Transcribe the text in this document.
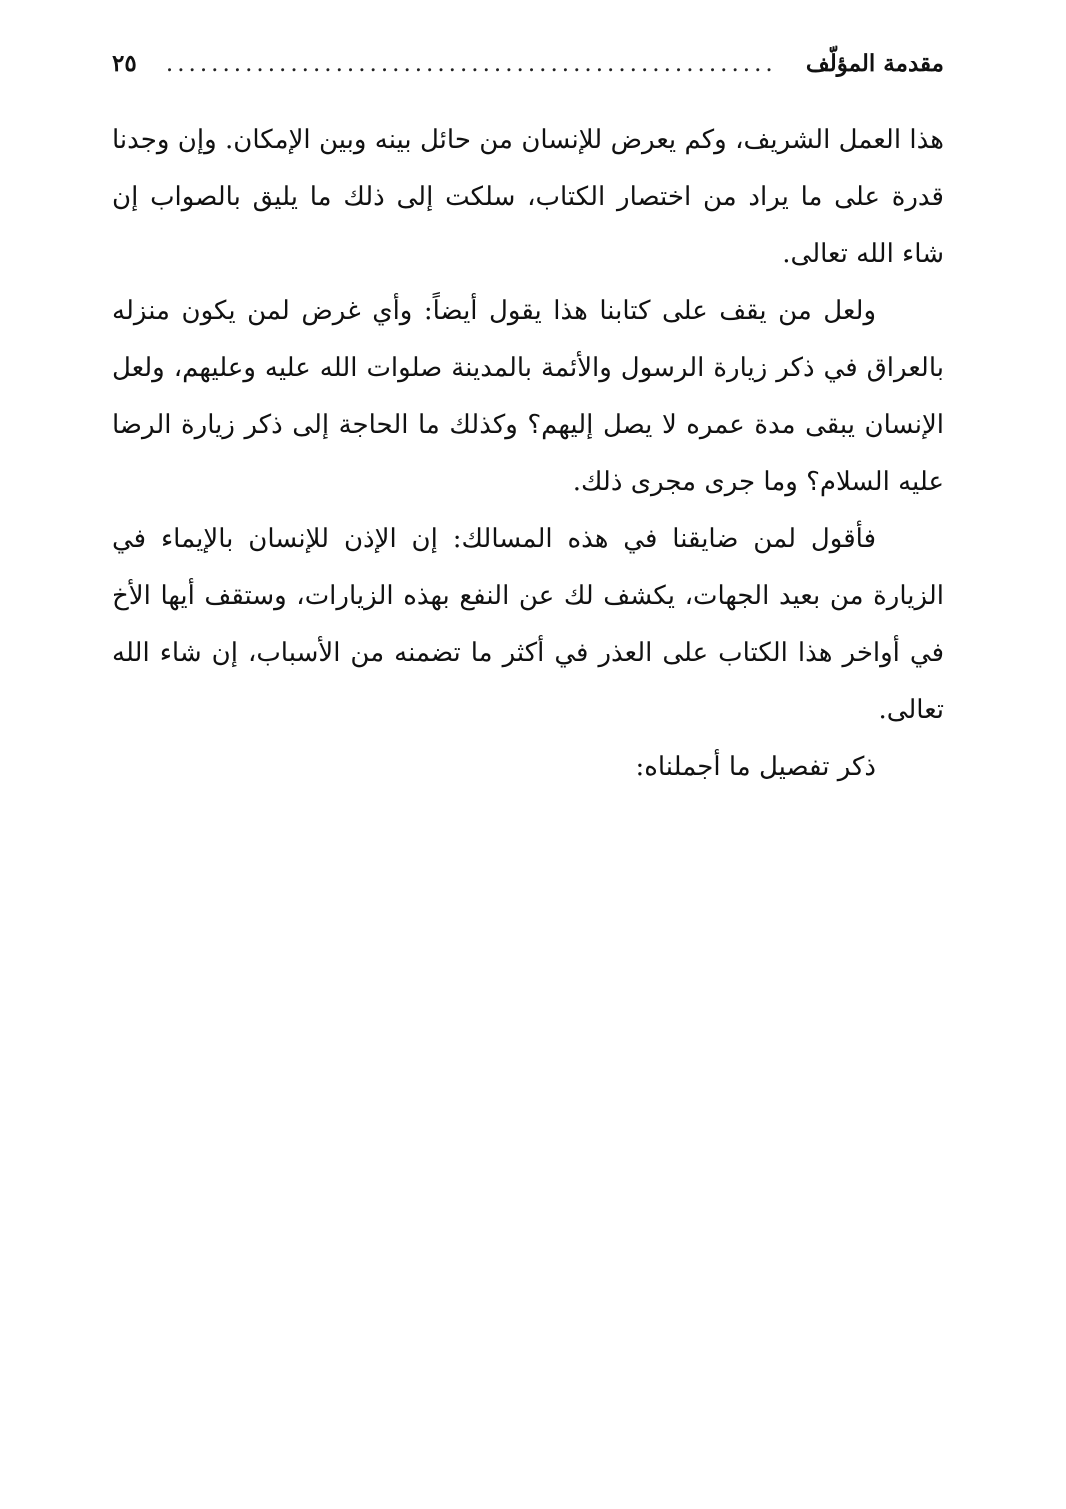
مقدمة المؤلّف
......................................................
٢٥

هذا العمل الشريف، وكم يعرض للإنسان من حائل بينه وبين الإمكان. وإن وجدنا قدرة على ما يراد من اختصار الكتاب، سلكت إلى ذلك ما يليق بالصواب إن شاء الله تعالى.

ولعل من يقف على كتابنا هذا يقول أيضاً: وأي غرض لمن يكون منزله بالعراق في ذكر زيارة الرسول والأئمة بالمدينة صلوات الله عليه وعليهم، ولعل الإنسان يبقى مدة عمره لا يصل إليهم؟ وكذلك ما الحاجة إلى ذكر زيارة الرضا عليه السلام؟ وما جرى مجرى ذلك.

فأقول لمن ضايقنا في هذه المسالك: إن الإذن للإنسان بالإيماء في الزيارة من بعيد الجهات، يكشف لك عن النفع بهذه الزيارات، وستقف أيها الأخ في أواخر هذا الكتاب على العذر في أكثر ما تضمنه من الأسباب، إن شاء الله تعالى.

ذكر تفصيل ما أجملناه:
